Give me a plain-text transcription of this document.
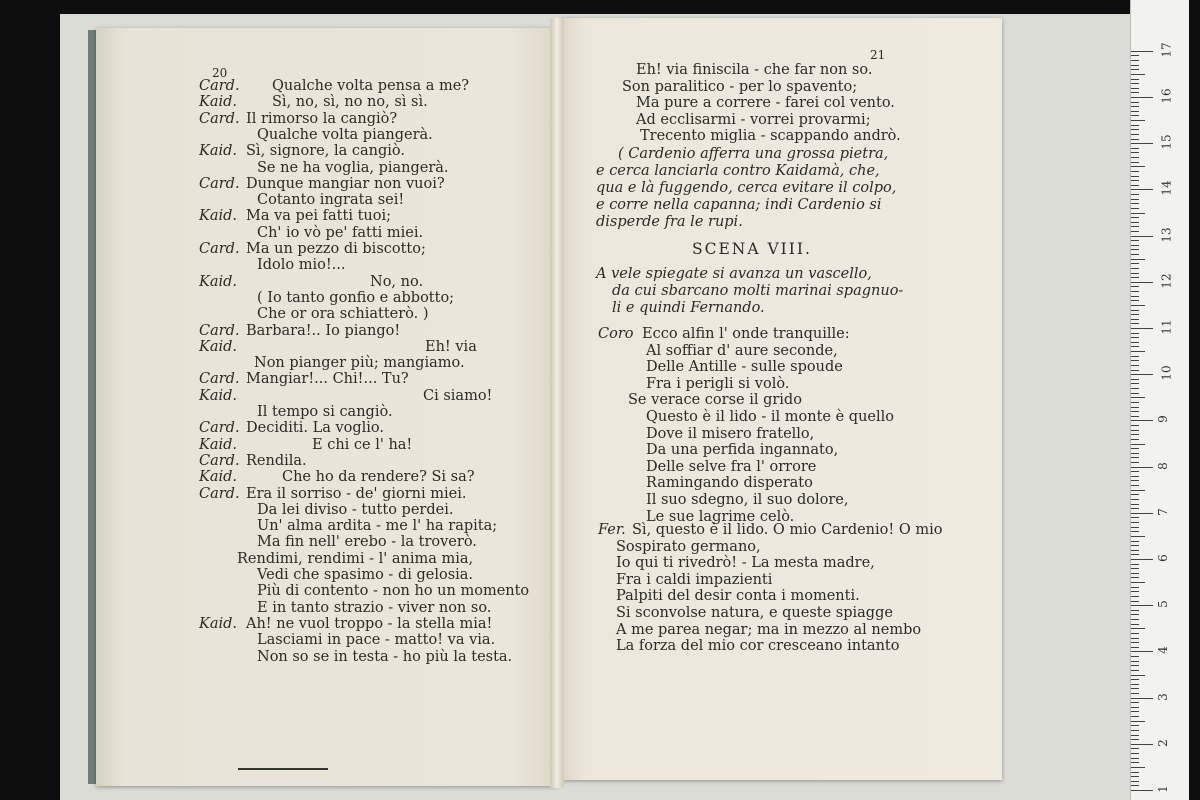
20
Card. Qualche volta pensa a me?
Kaid. Sì, no, sì, no no, sì sì.
Card. Il rimorso la cangiò?
Qualche volta piangerà.
Kaid. Sì, signore, la cangiò.
Se ne ha voglia, piangerà.
Card. Dunque mangiar non vuoi?
Cotanto ingrata sei!
Kaid. Ma va pei fatti tuoi;
Ch' io vò pe' fatti miei.
Card. Ma un pezzo di biscotto;
Idolo mio!...
Kaid.	No, no.
( Io tanto gonfio e abbotto;
Che or ora schiatterò. )
Card. Barbara!.. Io piango!
Kaid.	Eh! via
Non pianger più; mangiamo.
Card. Mangiar!... Chi!... Tu?
Kaid.	Ci siamo!
Il tempo si cangiò.
Card. Deciditi. La voglio.
Kaid.	E chi ce l' ha!
Card. Rendila.
Kaid.	Che ho da rendere? Si sa?
Card. Era il sorriso - de' giorni miei.
Da lei diviso - tutto perdei.
Un' alma ardita - me l' ha rapita;
Ma fin nell' erebo - la troverò.
Rendimi, rendimi - l' anima mia,
Vedi che spasimo - di gelosia.
Più di contento - non ho un momento
E in tanto strazio - viver non so.
Kaid. Ah! ne vuol troppo - la stella mia!
Lasciami in pace - matto! va via.
Non so se in testa - ho più la testa.
21
Eh! via finiscila - che far non so.
Son paralitico - per lo spavento;
Ma pure a correre - farei col vento.
Ad ecclisarmi - vorrei provarmi;
Trecento miglia - scappando andrò.
( Cardenio afferra una grossa pietra,
e cerca lanciarla contro Kaidamà, che,
qua e là fuggendo, cerca evitare il colpo,
e corre nella capanna; indi Cardenio si
disperde fra le rupi.
SCENA VIII.
A vele spiegate si avanza un vascello,
da cui sbarcano molti marinai spagnuo-
li e quindi Fernando.
Coro Ecco alfin l' onde tranquille:
Al soffiar d' aure seconde,
Delle Antille - sulle spoude
Fra i perigli si volò.
Se verace corse il grido
Questo è il lido - il monte è quello
Dove il misero fratello,
Da una perfida ingannato,
Delle selve fra l' orrore
Ramingando disperato
Il suo sdegno, il suo dolore,
Le sue lagrime celò.
Fer. Sì, questo è il lido. O mio Cardenio! O mio
Sospirato germano,
Io qui ti rivedrò! - La mesta madre,
Fra i caldi impazienti
Palpiti del desir conta i momenti.
Si sconvolse natura, e queste spiagge
A me parea negar; ma in mezzo al nembo
La forza del mio cor cresceano intanto
1
2
3
4
5
6
7
8
9
10
11
12
13
14
15
16
17
